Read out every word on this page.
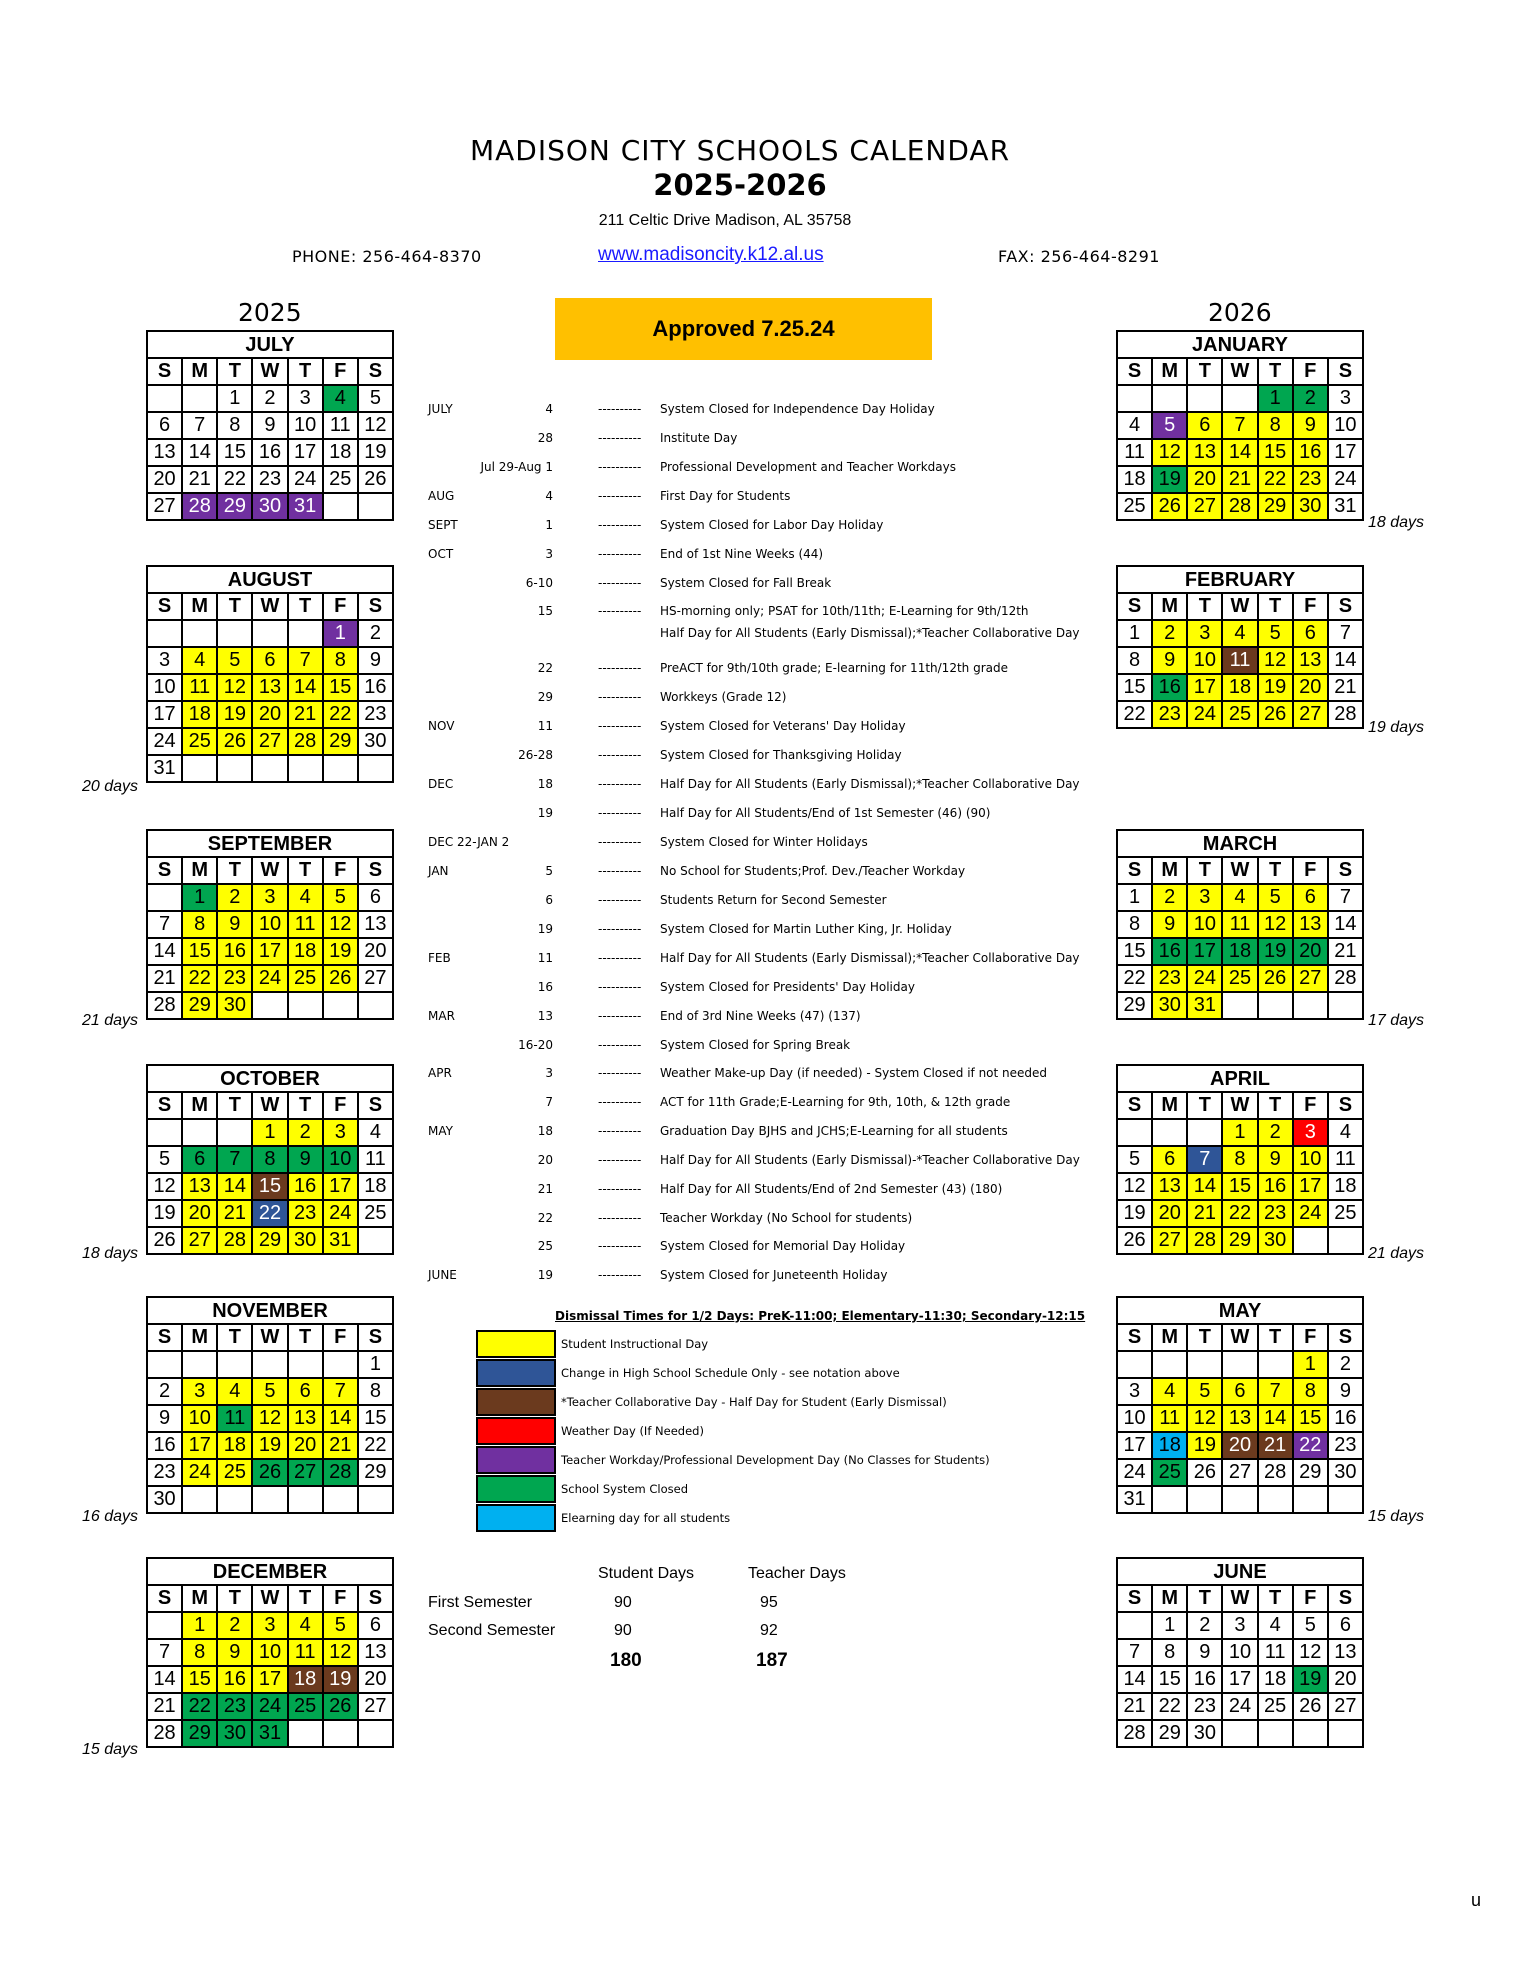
MADISON CITY SCHOOLS CALENDAR
2025-2026
211 Celtic Drive Madison, AL 35758
PHONE: 256-464-8370	www.madisoncity.k12.al.us	FAX: 256-464-8291
2025	2026
Approved 7.25.24
JULY
S	M	T	W	T	F	S
		1	2	3	4	5
6	7	8	9	10	11	12
13	14	15	16	17	18	19
20	21	22	23	24	25	26
27	28	29	30	31		
AUGUST
S	M	T	W	T	F	S
					1	2
3	4	5	6	7	8	9
10	11	12	13	14	15	16
17	18	19	20	21	22	23
24	25	26	27	28	29	30
31						
SEPTEMBER
S	M	T	W	T	F	S
	1	2	3	4	5	6
7	8	9	10	11	12	13
14	15	16	17	18	19	20
21	22	23	24	25	26	27
28	29	30				
OCTOBER
S	M	T	W	T	F	S
			1	2	3	4
5	6	7	8	9	10	11
12	13	14	15	16	17	18
19	20	21	22	23	24	25
26	27	28	29	30	31	
NOVEMBER
S	M	T	W	T	F	S
						1
2	3	4	5	6	7	8
9	10	11	12	13	14	15
16	17	18	19	20	21	22
23	24	25	26	27	28	29
30						
DECEMBER
S	M	T	W	T	F	S
	1	2	3	4	5	6
7	8	9	10	11	12	13
14	15	16	17	18	19	20
21	22	23	24	25	26	27
28	29	30	31			
JANUARY
S	M	T	W	T	F	S
				1	2	3
4	5	6	7	8	9	10
11	12	13	14	15	16	17
18	19	20	21	22	23	24
25	26	27	28	29	30	31
FEBRUARY
S	M	T	W	T	F	S
1	2	3	4	5	6	7
8	9	10	11	12	13	14
15	16	17	18	19	20	21
22	23	24	25	26	27	28
MARCH
S	M	T	W	T	F	S
1	2	3	4	5	6	7
8	9	10	11	12	13	14
15	16	17	18	19	20	21
22	23	24	25	26	27	28
29	30	31				
APRIL
S	M	T	W	T	F	S
			1	2	3	4
5	6	7	8	9	10	11
12	13	14	15	16	17	18
19	20	21	22	23	24	25
26	27	28	29	30		
MAY
S	M	T	W	T	F	S
					1	2
3	4	5	6	7	8	9
10	11	12	13	14	15	16
17	18	19	20	21	22	23
24	25	26	27	28	29	30
31						
JUNE
S	M	T	W	T	F	S
	1	2	3	4	5	6
7	8	9	10	11	12	13
14	15	16	17	18	19	20
21	22	23	24	25	26	27
28	29	30				
20 days
21 days
18 days
16 days
15 days
18 days
19 days
17 days
21 days
15 days
JULY	4	---------- System Closed for Independence Day Holiday
28	---------- Institute Day
Jul 29-Aug 1	---------- Professional Development and Teacher Workdays
AUG	4	---------- First Day for Students
SEPT	1	---------- System Closed for Labor Day Holiday
OCT	3	---------- End of 1st Nine Weeks (44)
6-10	---------- System Closed for Fall Break
15	---------- HS-morning only; PSAT for 10th/11th; E-Learning for 9th/12th
Half Day for All Students (Early Dismissal);*Teacher Collaborative Day
22	---------- PreACT for 9th/10th grade; E-learning for 11th/12th grade
29	---------- Workkeys (Grade 12)
NOV	11	---------- System Closed for Veterans' Day Holiday
26-28	---------- System Closed for Thanksgiving Holiday
DEC	18	---------- Half Day for All Students (Early Dismissal);*Teacher Collaborative Day
19	---------- Half Day for All Students/End of 1st Semester (46) (90)
DEC 22-JAN 2	---------- System Closed for Winter Holidays
JAN	5	---------- No School for Students;Prof. Dev./Teacher Workday
6	---------- Students Return for Second Semester
19	---------- System Closed for Martin Luther King, Jr. Holiday
FEB	11	---------- Half Day for All Students (Early Dismissal);*Teacher Collaborative Day
16	---------- System Closed for Presidents' Day Holiday
MAR	13	---------- End of 3rd Nine Weeks (47) (137)
16-20	---------- System Closed for Spring Break
APR	3	---------- Weather Make-up Day (if needed) - System Closed if not needed
7	---------- ACT for 11th Grade;E-Learning for 9th, 10th, & 12th grade
MAY	18	---------- Graduation Day BJHS and JCHS;E-Learning for all students
20	---------- Half Day for All Students (Early Dismissal)-*Teacher Collaborative Day
21	---------- Half Day for All Students/End of 2nd Semester (43) (180)
22	---------- Teacher Workday (No School for students)
25	---------- System Closed for Memorial Day Holiday
JUNE	19	---------- System Closed for Juneteenth Holiday
Dismissal Times for 1/2 Days: PreK-11:00; Elementary-11:30; Secondary-12:15
Student Instructional Day
Change in High School Schedule Only - see notation above
*Teacher Collaborative Day - Half Day for Student (Early Dismissal)
Weather Day (If Needed)
Teacher Workday/Professional Development Day (No Classes for Students)
School System Closed
Elearning day for all students
Student Days	Teacher Days
First Semester	90	95
Second Semester	90	92
180	187
u
